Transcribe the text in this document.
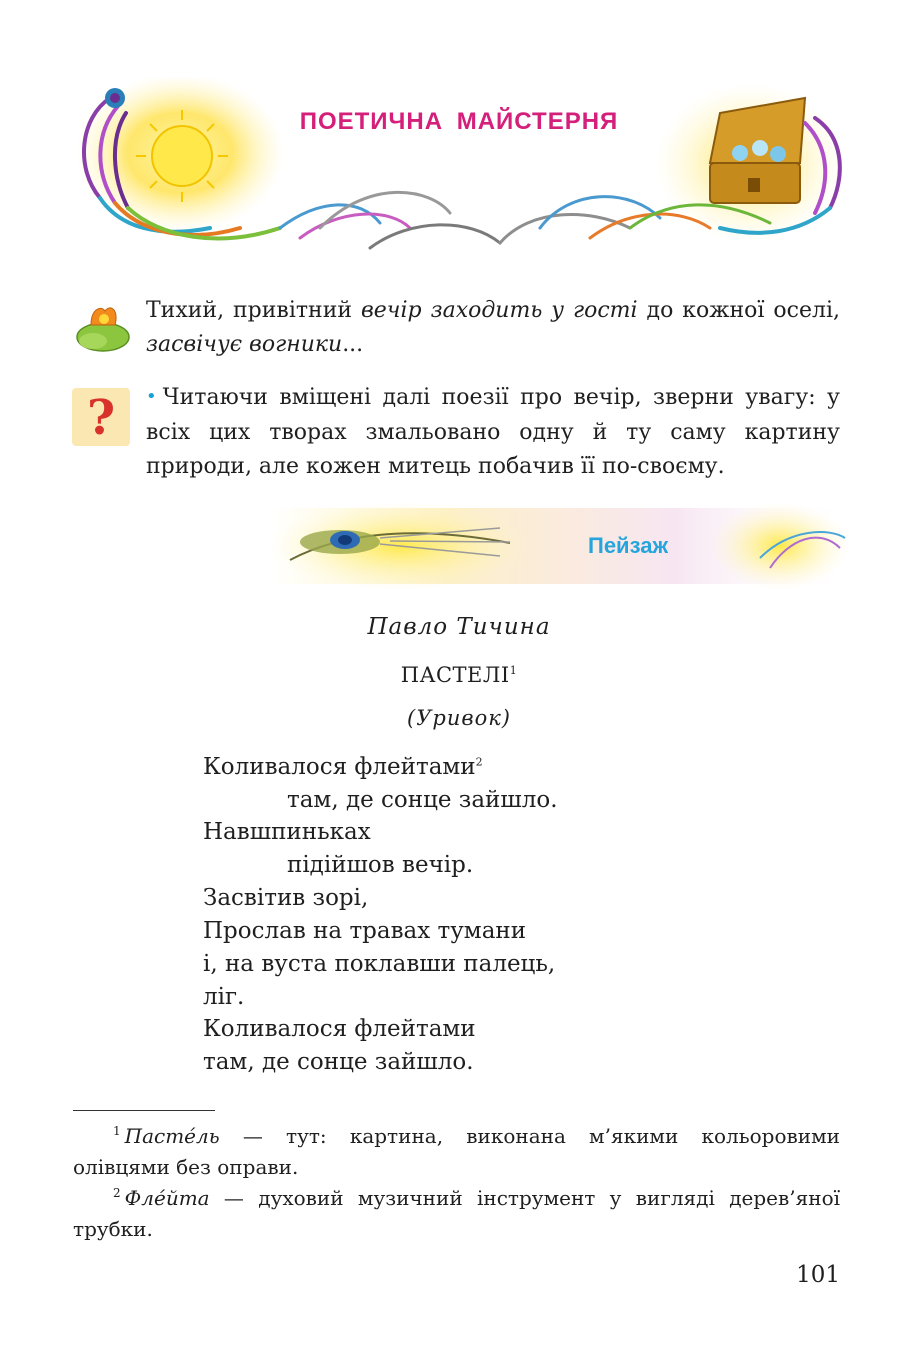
ПОЕТИЧНА МАЙСТЕРНЯ
Тихий, привітний вечір заходить у гості до кожної оселі, засвічує вогники...
? • Читаючи вміщені далі поезії про вечір, зверни увагу: у всіх цих творах змальовано одну й ту саму картину природи, але кожен митець побачив її по-своєму.
Пейзаж
Павло Тичина
ПАСТЕЛІ$^1$
(Уривок)
Коливалося флейтами$^2$
там, де сонце зайшло.
Навшпиньках
підійшов вечір.
Засвітив зорі,
Прослав на травах тумани
і, на вуста поклавши палець,
ліг.
Коливалося флейтами
там, де сонце зайшло.
$^1$ Пасте́ль — тут: картина, виконана м’якими кольоровими олівцями без оправи.
$^2$ Фле́йта — духовий музичний інструмент у вигляді дерев’яної трубки.
101
